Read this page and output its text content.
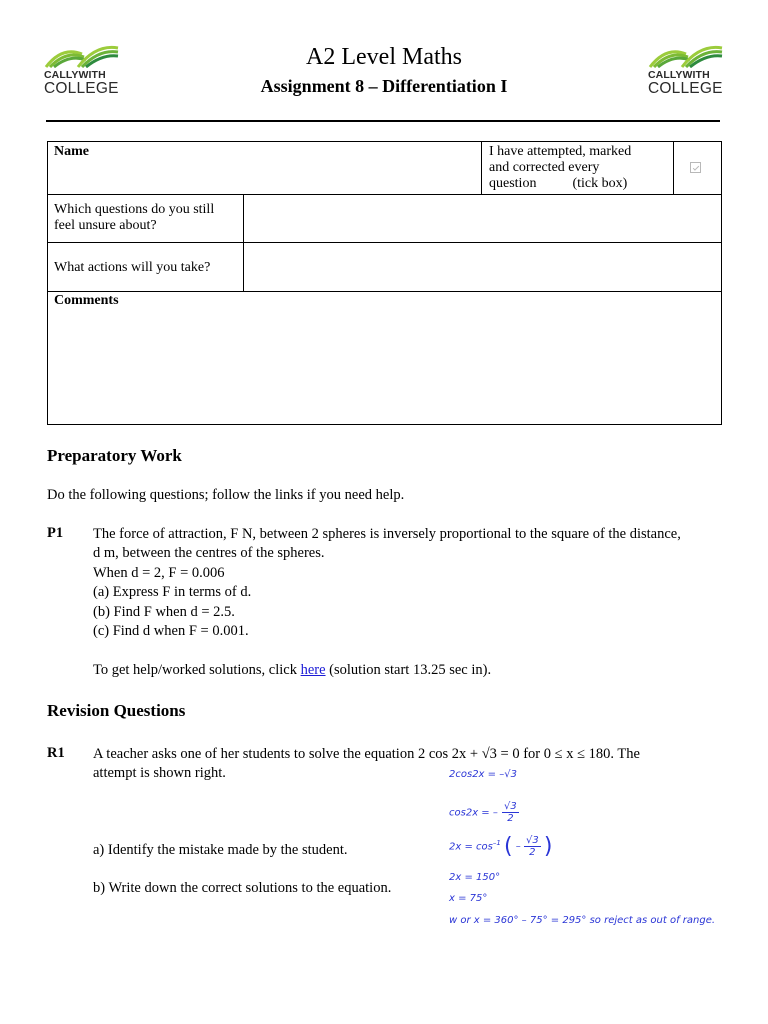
CALLYWITH
COLLEGE
CALLYWITH
COLLEGE
A2 Level Maths
Assignment 8 – Differentiation I
Name	I have attempted, marked
and corrected every
question	(tick box)
Which questions do you still
feel unsure about?
What actions will you take?
Comments
Preparatory Work
Do the following questions; follow the links if you need help.
P1 The force of attraction, F N, between 2 spheres is inversely proportional to the square of the distance,
d m, between the centres of the spheres.
When d = 2, F = 0.006
(a) Express F in terms of d.
(b) Find F when d = 2.5.
(c) Find d when F = 0.001.
To get help/worked solutions, click here (solution start 13.25 sec in).
Revision Questions
R1 A teacher asks one of her students to solve the equation 2 cos 2x + √3 = 0 for 0 ≤ x ≤ 180. The
attempt is shown right.
a) Identify the mistake made by the student.
b) Write down the correct solutions to the equation.
2cos2x = –√3
cos2x = – $\frac{√3}{2}$
$2x = \cos^{-1}$ ( – $\frac{√3}{2}$ )
2x = 150°
x = 75°
w or x = 360° – 75° = 295° so reject as out of range.
